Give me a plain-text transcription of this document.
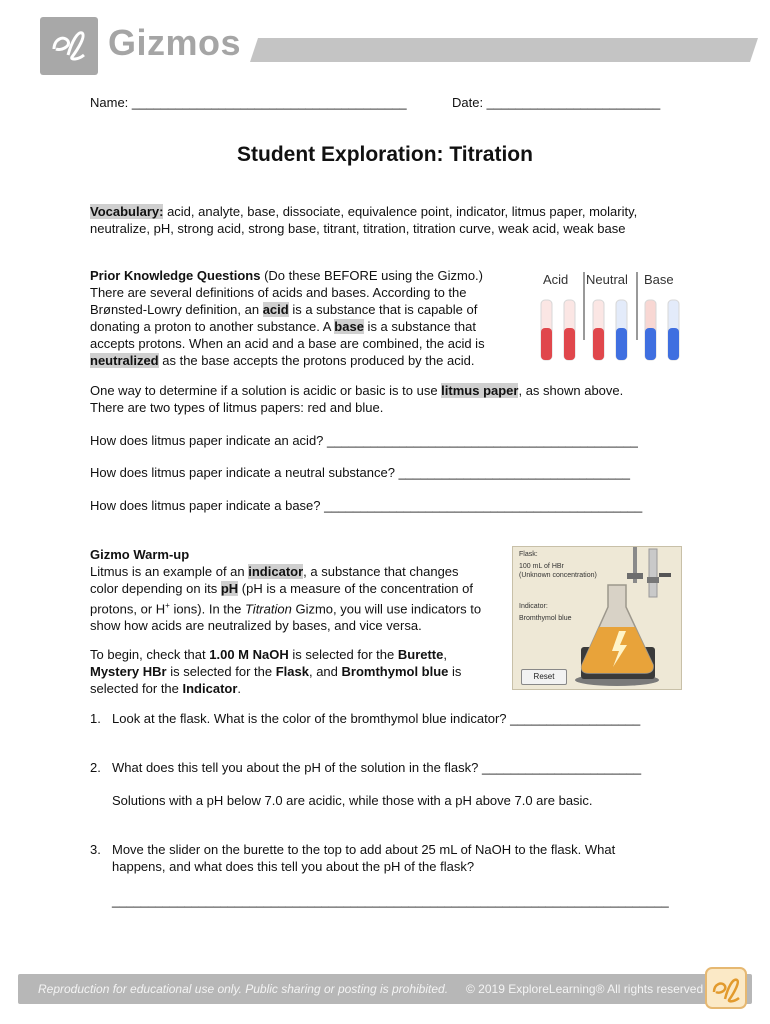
Gizmos
Name: ______________________________________	Date: ________________________
Student Exploration: Titration
Vocabulary: acid, analyte, base, dissociate, equivalence point, indicator, litmus paper, molarity,
neutralize, pH, strong acid, strong base, titrant, titration, titration curve, weak acid, weak base
Prior Knowledge Questions (Do these BEFORE using the Gizmo.)
There are several definitions of acids and bases. According to the
Brønsted-Lowry definition, an acid is a substance that is capable of
donating a proton to another substance. A base is a substance that
accepts protons. When an acid and a base are combined, the acid is
neutralized as the base accepts the protons produced by the acid.
Acid Neutral Base
One way to determine if a solution is acidic or basic is to use litmus paper, as shown above.
There are two types of litmus papers: red and blue.
How does litmus paper indicate an acid? ___________________________________________
How does litmus paper indicate a neutral substance? ________________________________
How does litmus paper indicate a base? ____________________________________________
Gizmo Warm-up
Litmus is an example of an indicator, a substance that changes
color depending on its pH (pH is a measure of the concentration of
protons, or H+ ions). In the Titration Gizmo, you will use indicators to
show how acids are neutralized by bases, and vice versa.
To begin, check that 1.00 M NaOH is selected for the Burette,
Mystery HBr is selected for the Flask, and Bromthymol blue is
selected for the Indicator.
Flask:
100 mL of HBr
(Unknown concentration)
Indicator:
Bromthymol blue
Reset
1. Look at the flask. What is the color of the bromthymol blue indicator? __________________
2. What does this tell you about the pH of the solution in the flask? ______________________
Solutions with a pH below 7.0 are acidic, while those with a pH above 7.0 are basic.
3. Move the slider on the burette to the top to add about 25 mL of NaOH to the flask. What
happens, and what does this tell you about the pH of the flask?
_____________________________________________________________________________
Reproduction for educational use only. Public sharing or posting is prohibited. © 2019 ExploreLearning® All rights reserved
